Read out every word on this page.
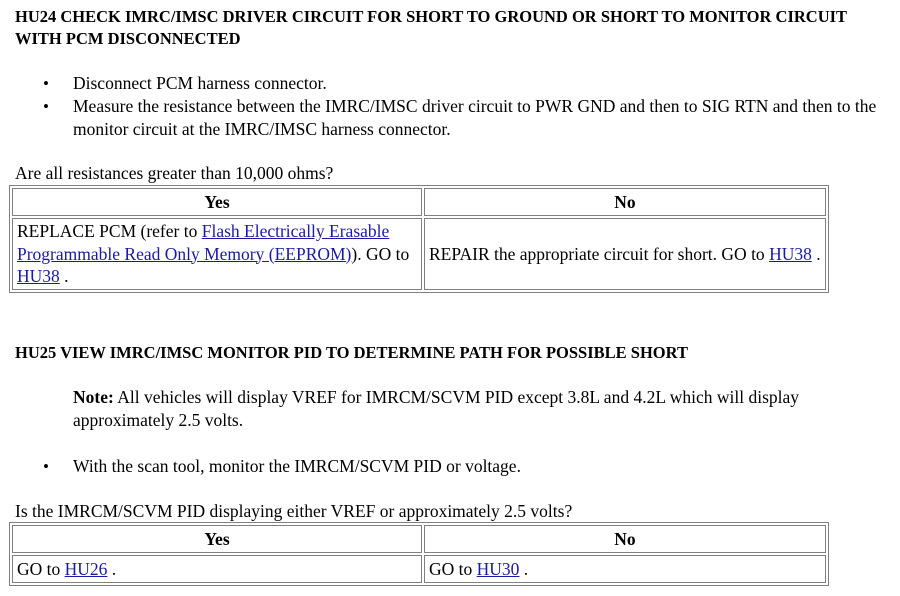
HU24 CHECK IMRC/IMSC DRIVER CIRCUIT FOR SHORT TO GROUND OR SHORT TO MONITOR CIRCUIT WITH PCM DISCONNECTED
• Disconnect PCM harness connector.
• Measure the resistance between the IMRC/IMSC driver circuit to PWR GND and then to SIG RTN and then to the monitor circuit at the IMRC/IMSC harness connector.

Are all resistances greater than 10,000 ohms?

Yes	No
REPLACE PCM (refer to Flash Electrically Erasable Programmable Read Only Memory (EEPROM)). GO to HU38 .	REPAIR the appropriate circuit for short. GO to HU38 .
HU25 VIEW IMRC/IMSC MONITOR PID TO DETERMINE PATH FOR POSSIBLE SHORT

Note: All vehicles will display VREF for IMRCM/SCVM PID except 3.8L and 4.2L which will display approximately 2.5 volts.

• With the scan tool, monitor the IMRCM/SCVM PID or voltage.

Is the IMRCM/SCVM PID displaying either VREF or approximately 2.5 volts?

Yes	No
GO to HU26 .	GO to HU30 .
